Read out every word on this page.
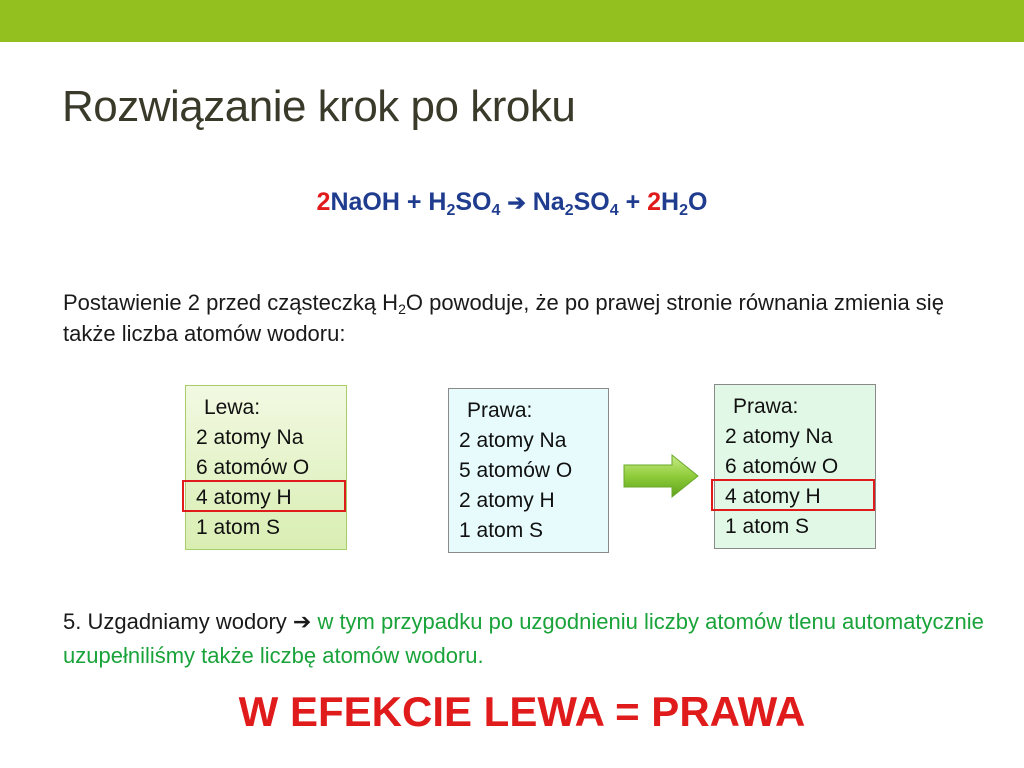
Rozwiązanie krok po kroku
2NaOH + $H_2SO_4$ ➔ $Na_2SO_4 + 2H_2O$
Postawienie 2 przed cząsteczką $H_2O$ powoduje, że po prawej stronie równania zmienia się także liczba atomów wodoru:
Lewa:
2 atomy Na
6 atomów O
4 atomy H
1 atom S
Prawa:
2 atomy Na
5 atomów O
2 atomy H
1 atom S
Prawa:
2 atomy Na
6 atomów O
4 atomy H
1 atom S
5. Uzgadniamy wodory ➔ w tym przypadku po uzgodnieniu liczby atomów tlenu automatycznie uzupełniliśmy także liczbę atomów wodoru.
W EFEKCIE LEWA = PRAWA
